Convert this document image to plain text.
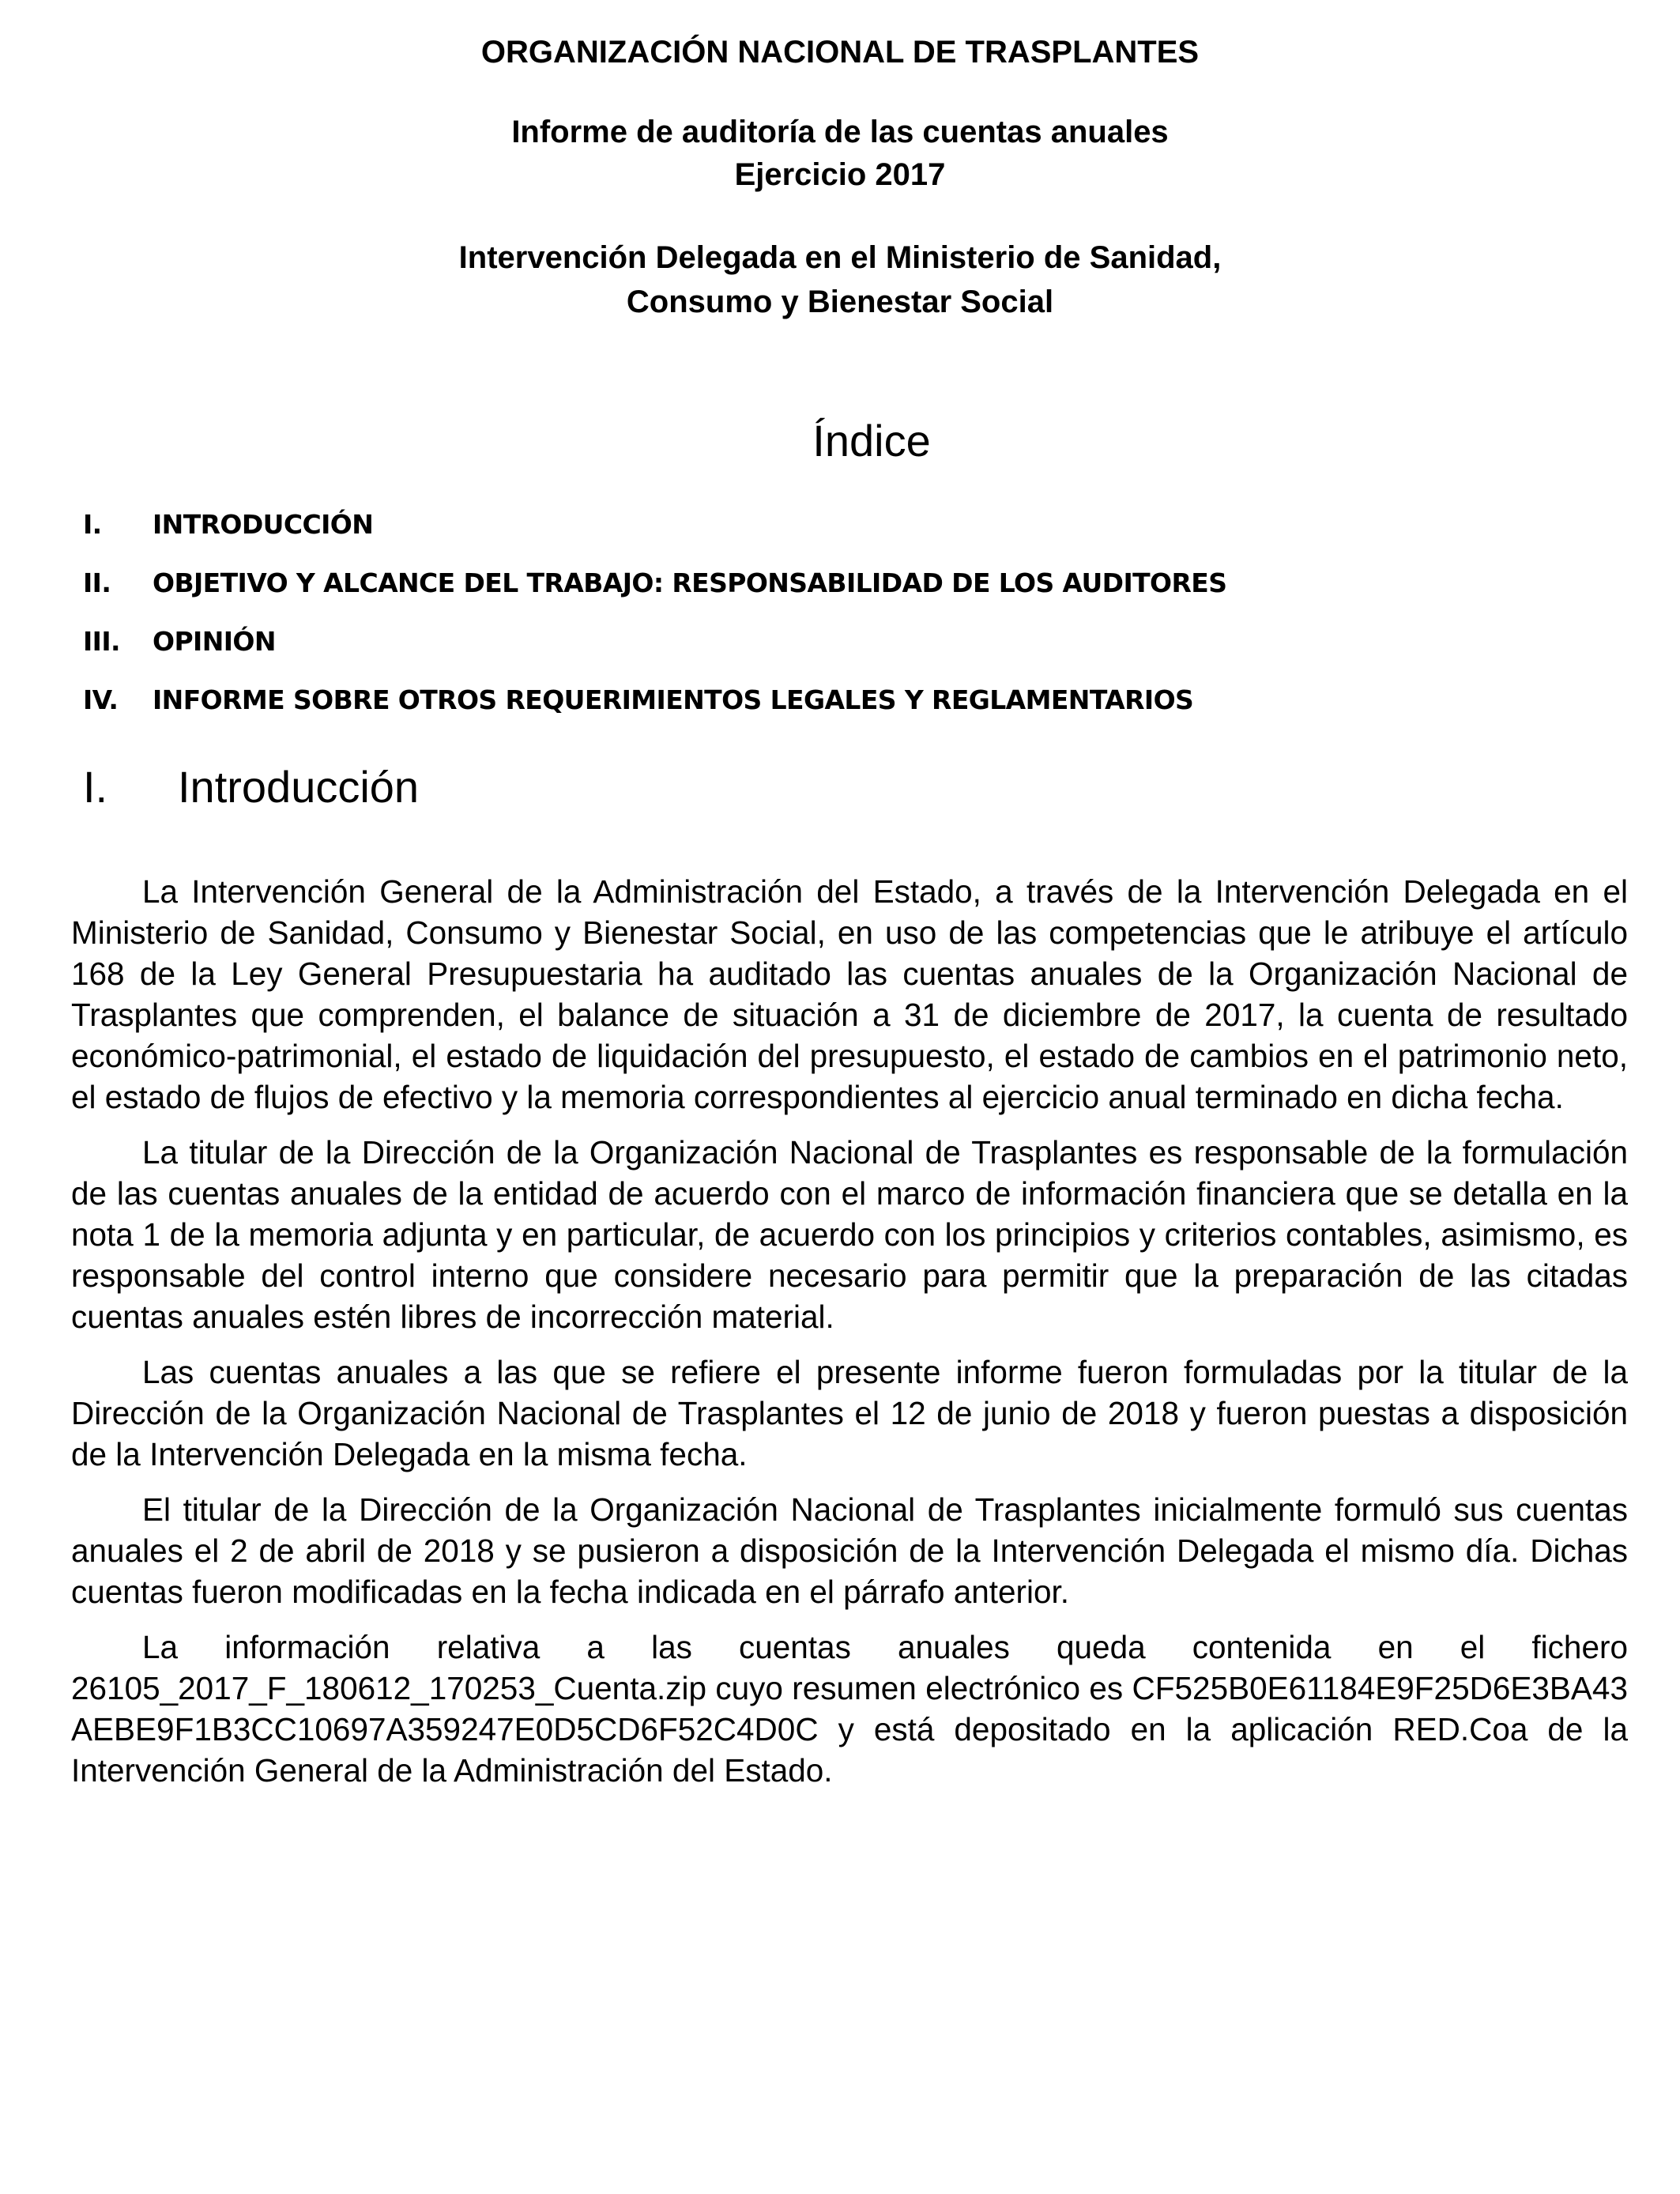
ORGANIZACIÓN NACIONAL DE TRASPLANTES
Informe de auditoría de las cuentas anuales
Ejercicio 2017
Intervención Delegada en el Ministerio de Sanidad,
Consumo y Bienestar Social
Índice
I.	INTRODUCCIÓN
II.	OBJETIVO Y ALCANCE DEL TRABAJO: RESPONSABILIDAD DE LOS AUDITORES
III.	OPINIÓN
IV.	INFORME SOBRE OTROS REQUERIMIENTOS LEGALES Y REGLAMENTARIOS
I.	Introducción

La Intervención General de la Administración del Estado, a través de la Intervención Delegada en el Ministerio de Sanidad, Consumo y Bienestar Social, en uso de las competencias que le atribuye el artículo 168 de la Ley General Presupuestaria ha auditado las cuentas anuales de la Organización Nacional de Trasplantes que comprenden, el balance de situación a 31 de diciembre de 2017, la cuenta de resultado económico-patrimonial, el estado de liquidación del presupuesto, el estado de cambios en el patrimonio neto, el estado de flujos de efectivo y la memoria correspondientes al ejercicio anual terminado en dicha fecha.

La titular de la Dirección de la Organización Nacional de Trasplantes es responsable de la formulación de las cuentas anuales de la entidad de acuerdo con el marco de información financiera que se detalla en la nota 1 de la memoria adjunta y en particular, de acuerdo con los principios y criterios contables, asimismo, es responsable del control interno que considere necesario para permitir que la preparación de las citadas cuentas anuales estén libres de incorrección material.

Las cuentas anuales a las que se refiere el presente informe fueron formuladas por la titular de la Dirección de la Organización Nacional de Trasplantes el 12 de junio de 2018 y fueron puestas a disposición de la Intervención Delegada en la misma fecha.

El titular de la Dirección de la Organización Nacional de Trasplantes inicialmente formuló sus cuentas anuales el 2 de abril de 2018 y se pusieron a disposición de la Intervención Delegada el mismo día. Dichas cuentas fueron modificadas en la fecha indicada en el párrafo anterior.

La información relativa a las cuentas anuales queda contenida en el fichero 26105_2017_F_180612_170253_Cuenta.zip cuyo resumen electrónico es CF525B0E61184E9F25D6E3BA43AEBE9F1B3CC10697A359247E0D5CD6F52C4D0C y está depositado en la aplicación RED.Coa de la Intervención General de la Administración del Estado.
